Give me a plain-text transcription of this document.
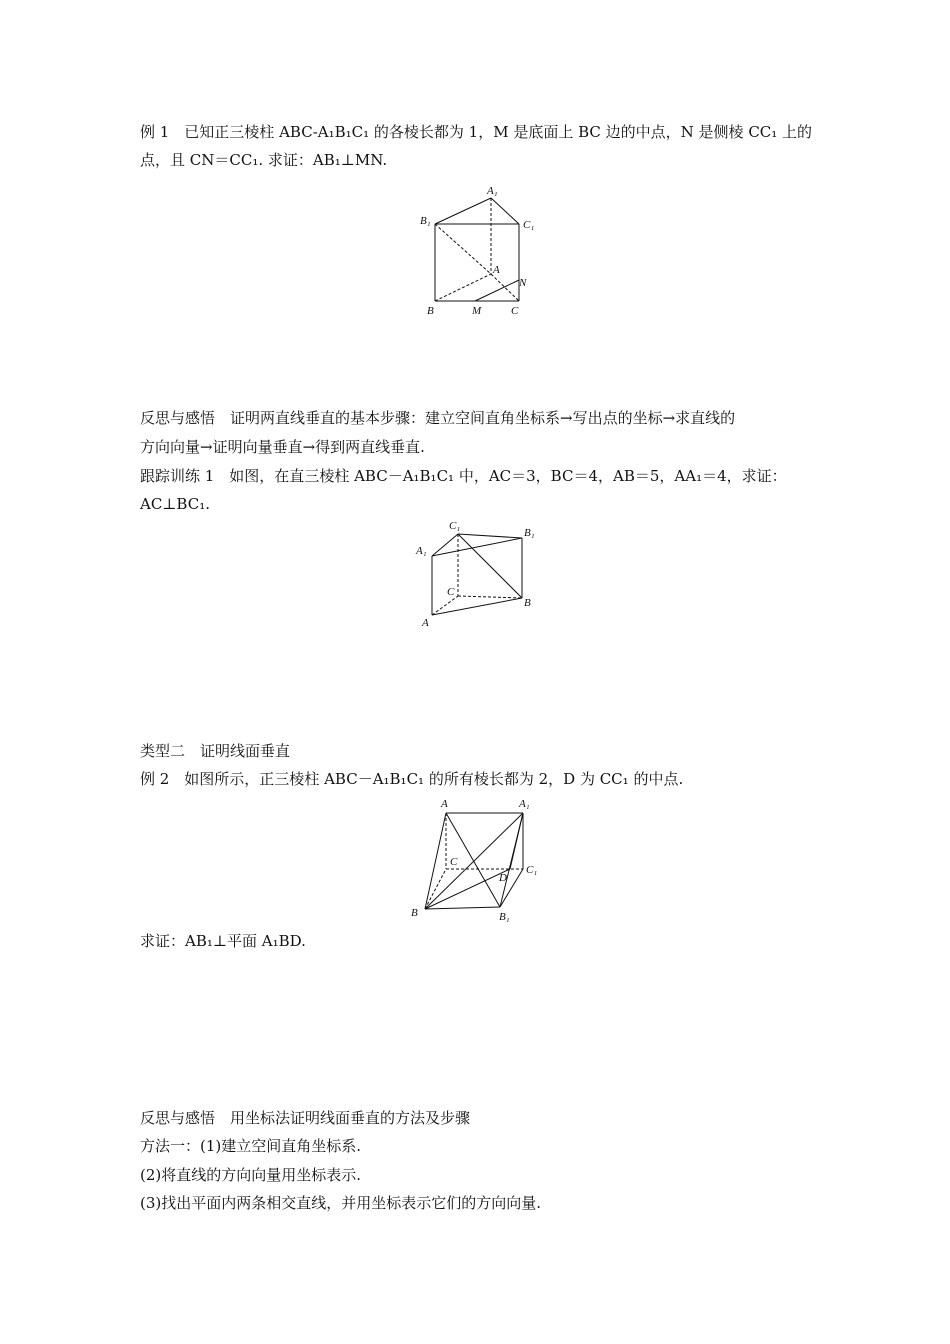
例 1　已知正三棱柱 ABC-A₁B₁C₁ 的各棱长都为 1，M 是底面上 BC 边的中点，N 是侧棱 CC₁ 上的
点，且 CN＝CC₁. 求证：AB₁⊥MN.
A₁
B₁	C₁
A
N
B	M	C
反思与感悟　证明两直线垂直的基本步骤：建立空间直角坐标系→写出点的坐标→求直线的
方向向量→证明向量垂直→得到两直线垂直.
跟踪训练 1　如图，在直三棱柱 ABC－A₁B₁C₁ 中，AC＝3，BC＝4，AB＝5，AA₁＝4，求证：
AC⊥BC₁.
C₁
B₁
A₁
C
B
A
类型二　证明线面垂直
例 2　如图所示，正三棱柱 ABC－A₁B₁C₁ 的所有棱长都为 2，D 为 CC₁ 的中点.
A	A₁
C
D
C₁
B	B₁
求证：AB₁⊥平面 A₁BD.
反思与感悟　用坐标法证明线面垂直的方法及步骤
方法一：(1)建立空间直角坐标系.
(2)将直线的方向向量用坐标表示.
(3)找出平面内两条相交直线，并用坐标表示它们的方向向量.
